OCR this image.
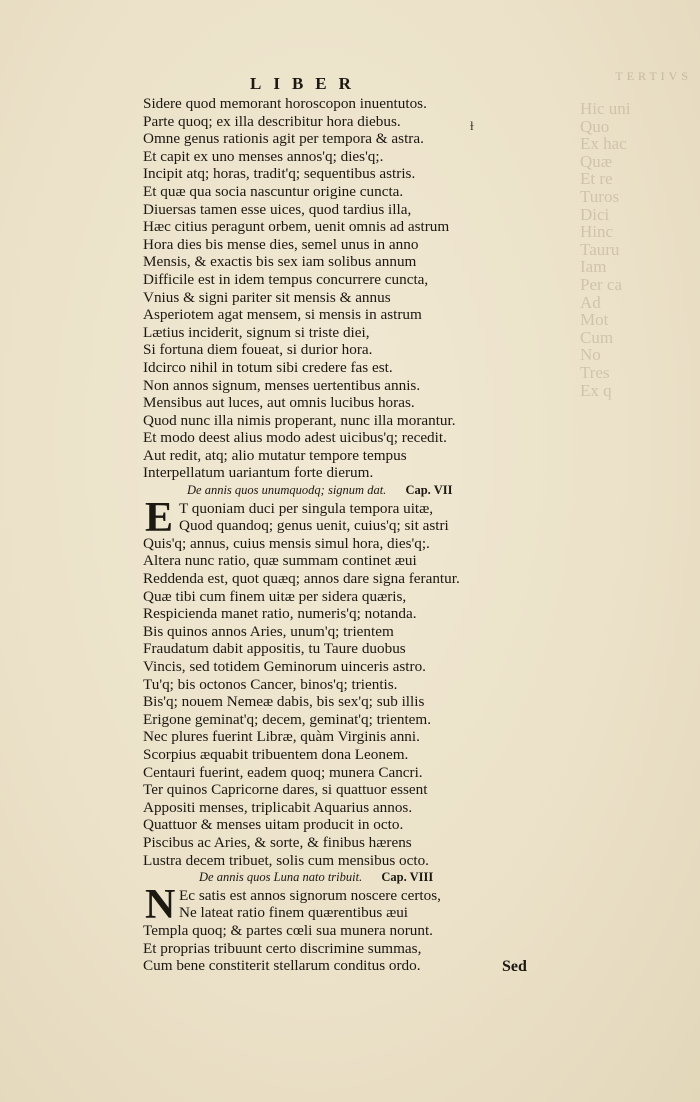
TERTIVS
Hic uni
Quo
Ex hac
Quæ
Et re
Turos
Dici
Hinc
Tauru
Iam
Per ca
Ad
Mot
Cum
No
Tres
Ex q
LIBER
ɫ
Sidere quod memorant horoscopon inuentutos.
Parte quoq; ex illa describitur hora diebus.
Omne genus rationis agit per tempora & astra.
Et capit ex uno menses annos'q; dies'q;.
Incipit atq; horas, tradit'q; sequentibus astris.
Et quæ qua socia nascuntur origine cuncta.
Diuersas tamen esse uices, quod tardius illa,
Hæc citius peragunt orbem, uenit omnis ad astrum
Hora dies bis mense dies, semel unus in anno
Mensis, & exactis bis sex iam solibus annum
Difficile est in idem tempus concurrere cuncta,
Vnius & signi pariter sit mensis & annus
Asperiotem agat mensem, si mensis in astrum
Lætius inciderit, signum si triste diei,
Si fortuna diem foueat, si durior hora.
Idcirco nihil in totum sibi credere fas est.
Non annos signum, menses uertentibus annis.
Mensibus aut luces, aut omnis lucibus horas.
Quod nunc illa nimis properant, nunc illa morantur.
Et modo deest alius modo adest uicibus'q; recedit.
Aut redit, atq; alio mutatur tempore tempus
Interpellatum uariantum forte dierum.
De annis quos unumquodq; signum dat. Cap. VII
E T quoniam duci per singula tempora uitæ,
Quod quandoq; genus uenit, cuius'q; sit astri
Quis'q; annus, cuius mensis simul hora, dies'q;.
Altera nunc ratio, quæ summam continet æui
Reddenda est, quot quæq; annos dare signa ferantur.
Quæ tibi cum finem uitæ per sidera quæris,
Respicienda manet ratio, numeris'q; notanda.
Bis quinos annos Aries, unum'q; trientem
Fraudatum dabit appositis, tu Taure duobus
Vincis, sed totidem Geminorum uinceris astro.
Tu'q; bis octonos Cancer, binos'q; trientis.
Bis'q; nouem Nemeæ dabis, bis sex'q; sub illis
Erigone geminat'q; decem, geminat'q; trientem.
Nec plures fuerint Libræ, quàm Virginis anni.
Scorpius æquabit tribuentem dona Leonem.
Centauri fuerint, eadem quoq; munera Cancri.
Ter quinos Capricorne dares, si quattuor essent
Appositi menses, triplicabit Aquarius annos.
Quattuor & menses uitam producit in octo.
Piscibus ac Aries, & sorte, & finibus hærens
Lustra decem tribuet, solis cum mensibus octo.
De annis quos Luna nato tribuit. Cap. VIII
N Ec satis est annos signorum noscere certos,
Ne lateat ratio finem quærentibus æui
Templa quoq; & partes cœli sua munera norunt.
Et proprias tribuunt certo discrimine summas,
Cum bene constiterit stellarum conditus ordo.	Sed
